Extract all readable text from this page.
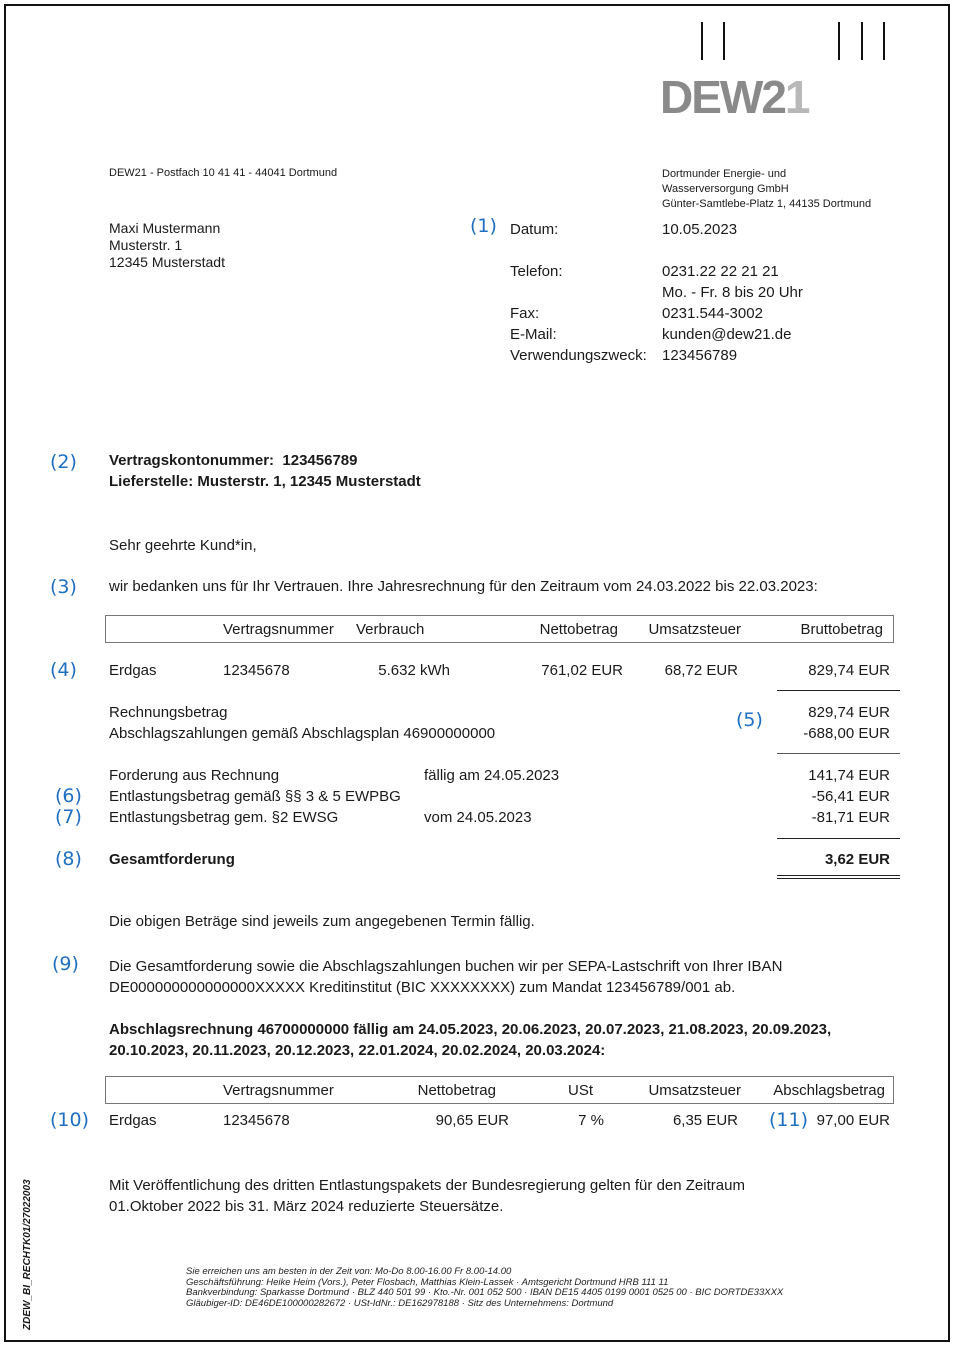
DEW21
DEW21 - Postfach 10 41 41 - 44041 Dortmund	Dortmunder Energie- und
Wasserversorgung GmbH
Günter-Samtlebe-Platz 1, 44135 Dortmund
Maxi Mustermann
Musterstr. 1
12345 Musterstadt
(1) Datum:	10.05.2023
Telefon:	0231.22 22 21 21
Mo. - Fr. 8 bis 20 Uhr
Fax:	0231.544-3002
E-Mail:	kunden@dew21.de
Verwendungszweck: 123456789
(2) Vertragskontonummer: 123456789
Lieferstelle: Musterstr. 1, 12345 Musterstadt
Sehr geehrte Kund*in,
(3) wir bedanken uns für Ihr Vertrauen. Ihre Jahresrechnung für den Zeitraum vom 24.03.2022 bis 22.03.2023:
Vertragsnummer Verbrauch	Nettobetrag	Umsatzsteuer	Bruttobetrag
(4) Erdgas	12345678	5.632 kWh	761,02 EUR	68,72 EUR	829,74 EUR
Rechnungsbetrag	(5)	829,74 EUR
Abschlagszahlungen gemäß Abschlagsplan 46900000000	-688,00 EUR
Forderung aus Rechnung	fällig am 24.05.2023	141,74 EUR
(6) Entlastungsbetrag gemäß §§ 3 & 5 EWPBG	-56,41 EUR
(7) Entlastungsbetrag gem. §2 EWSG	vom 24.05.2023	-81,71 EUR
(8) Gesamtforderung	3,62 EUR
Die obigen Beträge sind jeweils zum angegebenen Termin fällig.
(9) Die Gesamtforderung sowie die Abschlagszahlungen buchen wir per SEPA-Lastschrift von Ihrer IBAN
DE000000000000000XXXXX Kreditinstitut (BIC XXXXXXXX) zum Mandat 123456789/001 ab.
Abschlagsrechnung 46700000000 fällig am 24.05.2023, 20.06.2023, 20.07.2023, 21.08.2023, 20.09.2023,
20.10.2023, 20.11.2023, 20.12.2023, 22.01.2024, 20.02.2024, 20.03.2024:
Vertragsnummer	Nettobetrag	USt	Umsatzsteuer	Abschlagsbetrag
(10) Erdgas	12345678	90,65 EUR	7 %	6,35 EUR (11) 97,00 EUR
Mit Veröffentlichung des dritten Entlastungspakets der Bundesregierung gelten für den Zeitraum
01.Oktober 2022 bis 31. März 2024 reduzierte Steuersätze.
ZDEW_BI_RECHTK01/27022003	Sie erreichen uns am besten in der Zeit von: Mo-Do 8.00-16.00 Fr 8.00-14.00
Geschäftsführung: Heike Heim (Vors.), Peter Flosbach, Matthias Klein-Lassek · Amtsgericht Dortmund HRB 111 11
Bankverbindung: Sparkasse Dortmund · BLZ 440 501 99 · Kto.-Nr. 001 052 500 · IBAN DE15 4405 0199 0001 0525 00 · BIC DORTDE33XXX
Gläubiger-ID: DE46DE100000282672 · USt-IdNr.: DE162978188 · Sitz des Unternehmens: Dortmund
